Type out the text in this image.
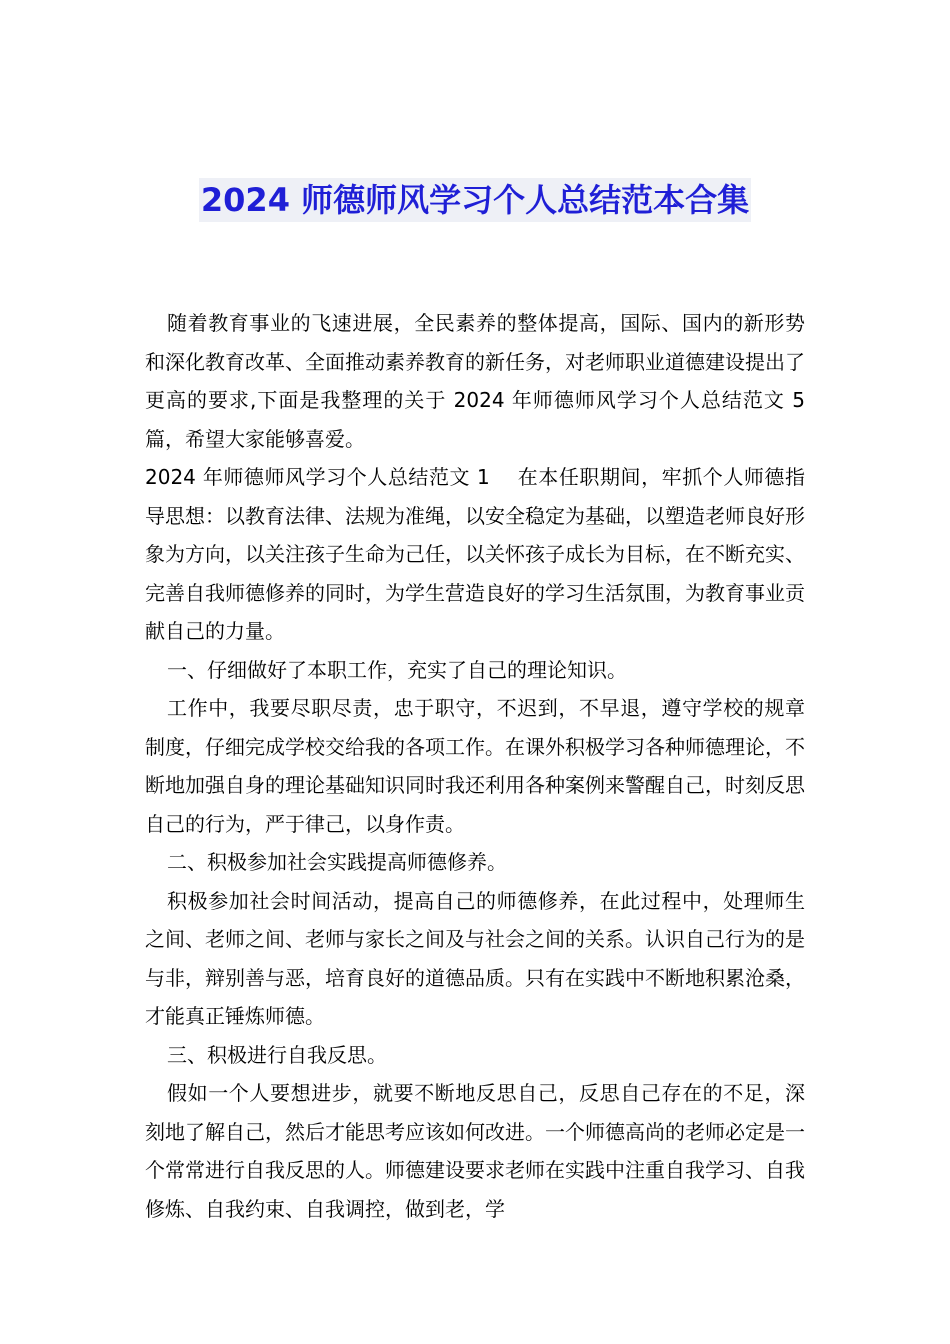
2024 师德师风学习个人总结范本合集

随着教育事业的飞速进展，全民素养的整体提高，国际、国内的新形势和深化教育改革、全面推动素养教育的新任务，对老师职业道德建设提出了更高的要求,下面是我整理的关于 2024 年师德师风学习个人总结范文 5 篇，希望大家能够喜爱。

2024 年师德师风学习个人总结范文 1　 在本任职期间，牢抓个人师德指导思想：以教育法律、法规为准绳，以安全稳定为基础，以塑造老师良好形象为方向，以关注孩子生命为己任，以关怀孩子成长为目标，在不断充实、完善自我师德修养的同时，为学生营造良好的学习生活氛围，为教育事业贡献自己的力量。

一、仔细做好了本职工作，充实了自己的理论知识。

工作中，我要尽职尽责，忠于职守，不迟到，不早退，遵守学校的规章制度，仔细完成学校交给我的各项工作。在课外积极学习各种师德理论，不断地加强自身的理论基础知识同时我还利用各种案例来警醒自己，时刻反思自己的行为，严于律己，以身作责。

二、积极参加社会实践提高师德修养。

积极参加社会时间活动，提高自己的师德修养，在此过程中，处理师生之间、老师之间、老师与家长之间及与社会之间的关系。认识自己行为的是与非，辩别善与恶，培育良好的道德品质。只有在实践中不断地积累沧桑，才能真正锤炼师德。

三、积极进行自我反思。

假如一个人要想进步，就要不断地反思自己，反思自己存在的不足，深刻地了解自己，然后才能思考应该如何改进。一个师德高尚的老师必定是一个常常进行自我反思的人。师德建设要求老师在实践中注重自我学习、自我修炼、自我约束、自我调控，做到老，学
